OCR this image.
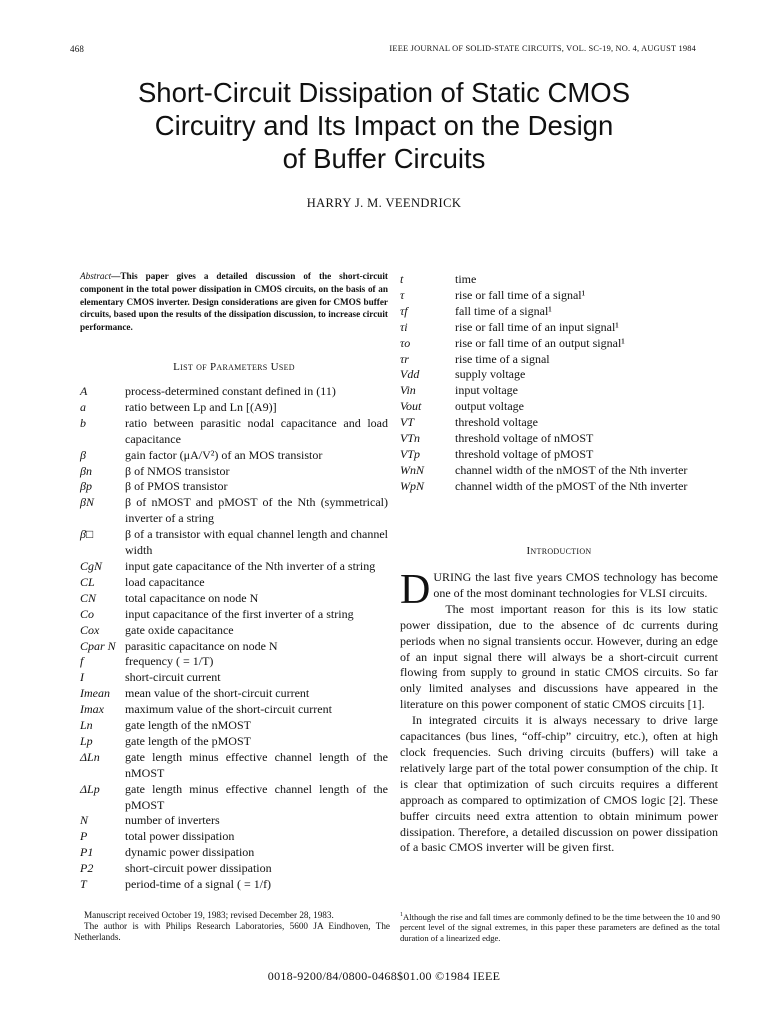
468	IEEE JOURNAL OF SOLID-STATE CIRCUITS, VOL. SC-19, NO. 4, AUGUST 1984
Short-Circuit Dissipation of Static CMOS
Circuitry and Its Impact on the Design
of Buffer Circuits
HARRY J. M. VEENDRICK
Abstract—This paper gives a detailed discussion of the short-circuit component in the total power dissipation in CMOS circuits, on the basis of an elementary CMOS inverter. Design considerations are given for CMOS buffer circuits, based upon the results of the dissipation discussion, to increase circuit performance.
List of Parameters Used
A	process-determined constant defined in (11)
a	ratio between Lp and Ln [(A9)]
b	ratio between parasitic nodal capacitance and load capacitance
β	gain factor (μA/V²) of an MOS transistor
βn	β of NMOS transistor
βp	β of PMOS transistor
βN	β of nMOST and pMOST of the Nth (symmetrical) inverter of a string
β□	β of a transistor with equal channel length and channel width
CgN	input gate capacitance of the Nth inverter of a string
CL	load capacitance
CN	total capacitance on node N
Co	input capacitance of the first inverter of a string
Cox	gate oxide capacitance
Cpar N parasitic capacitance on node N
f	frequency ( = 1/T)
I	short-circuit current
Imean	mean value of the short-circuit current
Imax	maximum value of the short-circuit current
Ln	gate length of the nMOST
Lp	gate length of the pMOST
ΔLn	gate length minus effective channel length of the nMOST
ΔLp	gate length minus effective channel length of the pMOST
N	number of inverters
P	total power dissipation
P1	dynamic power dissipation
P2	short-circuit power dissipation
T	period-time of a signal ( = 1/f)
t	time
τ	rise or fall time of a signal¹
τf	fall time of a signal¹
τi	rise or fall time of an input signal¹
τo	rise or fall time of an output signal¹
τr	rise time of a signal
Vdd	supply voltage
Vin	input voltage
Vout	output voltage
VT	threshold voltage
VTn	threshold voltage of nMOST
VTp	threshold voltage of pMOST
WnN	channel width of the nMOST of the Nth inverter
WpN	channel width of the pMOST of the Nth inverter
Introduction

DURING the last five years CMOS technology has become one of the most dominant technologies for VLSI circuits.

The most important reason for this is its low static power dissipation, due to the absence of dc currents during periods when no signal transients occur. However, during an edge of an input signal there will always be a short-circuit current flowing from supply to ground in static CMOS circuits. So far only limited analyses and discussions have appeared in the literature on this power component of static CMOS circuits [1].

In integrated circuits it is always necessary to drive large capacitances (bus lines, “off-chip” circuitry, etc.), often at high clock frequencies. Such driving circuits (buffers) will take a relatively large part of the total power consumption of the chip. It is clear that optimization of such circuits requires a different approach as compared to optimization of CMOS logic [2]. These buffer circuits need extra attention to obtain minimum power dissipation. Therefore, a detailed discussion on power dissipation of a basic CMOS inverter will be given first.

Manuscript received October 19, 1983; revised December 28, 1983.

The author is with Philips Research Laboratories, 5600 JA Eindhoven, The Netherlands.

$^1$Although the rise and fall times are commonly defined to be the time between the 10 and 90 percent level of the signal extremes, in this paper these parameters are defined as the total duration of a linearized edge.
0018-9200/84/0800-0468$01.00 ©1984 IEEE
